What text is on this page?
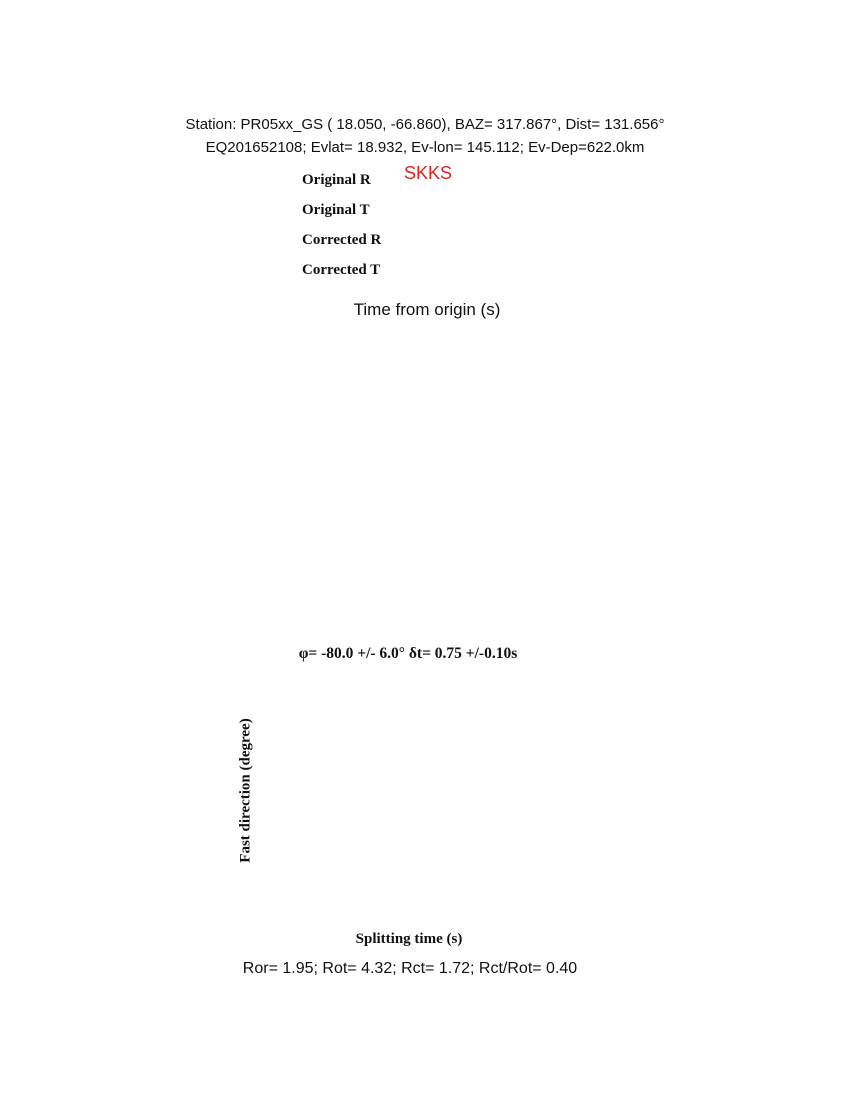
Station: PR05xx_GS ( 18.050, -66.860), BAZ= 317.867°, Dist= 131.656°
EQ201652108; Evlat= 18.932, Ev-lon= 145.112; Ev-Dep=622.0km
SKKS
Original R
Original T
Corrected R
Corrected T
Time from origin (s)
φ= -80.0 +/- 6.0° δt= 0.75 +/-0.10s
Fast direction (degree)
Splitting time (s)
Ror= 1.95; Rot= 4.32; Rct= 1.72; Rct/Rot= 0.40
